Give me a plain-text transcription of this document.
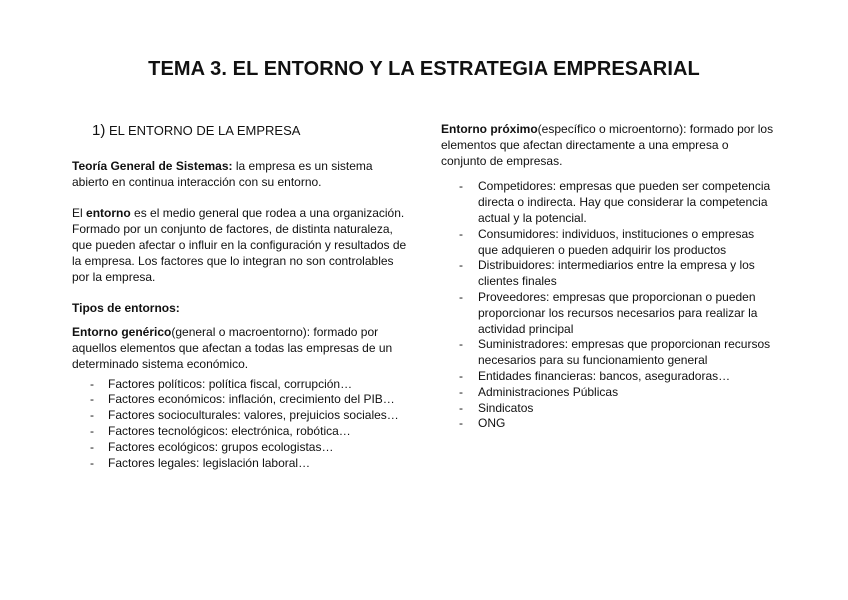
TEMA 3. EL ENTORNO Y LA ESTRATEGIA EMPRESARIAL
1) EL ENTORNO DE LA EMPRESA

Teoría General de Sistemas: la empresa es un sistema abierto en continua interacción con su entorno.

El entorno es el medio general que rodea a una organización. Formado por un conjunto de factores, de distinta naturaleza, que pueden afectar o influir en la configuración y resultados de la empresa. Los factores que lo integran no son controlables por la empresa.

Tipos de entornos:

Entorno genérico(general o macroentorno): formado por aquellos elementos que afectan a todas las empresas de un determinado sistema económico.

- Factores políticos: política fiscal, corrupción…
- Factores económicos: inflación, crecimiento del PIB…
- Factores socioculturales: valores, prejuicios sociales…
- Factores tecnológicos: electrónica, robótica…
- Factores ecológicos: grupos ecologistas…
- Factores legales: legislación laboral…

Entorno próximo(específico o microentorno): formado por los elementos que afectan directamente a una empresa o conjunto de empresas.

- Competidores: empresas que pueden ser competencia directa o indirecta. Hay que considerar la competencia actual y la potencial.
- Consumidores: individuos, instituciones o empresas que adquieren o pueden adquirir los productos
- Distribuidores: intermediarios entre la empresa y los clientes finales
- Proveedores: empresas que proporcionan o pueden proporcionar los recursos necesarios para realizar la actividad principal
- Suministradores: empresas que proporcionan recursos necesarios para su funcionamiento general
- Entidades financieras: bancos, aseguradoras…
- Administraciones Públicas
- Sindicatos
- ONG
